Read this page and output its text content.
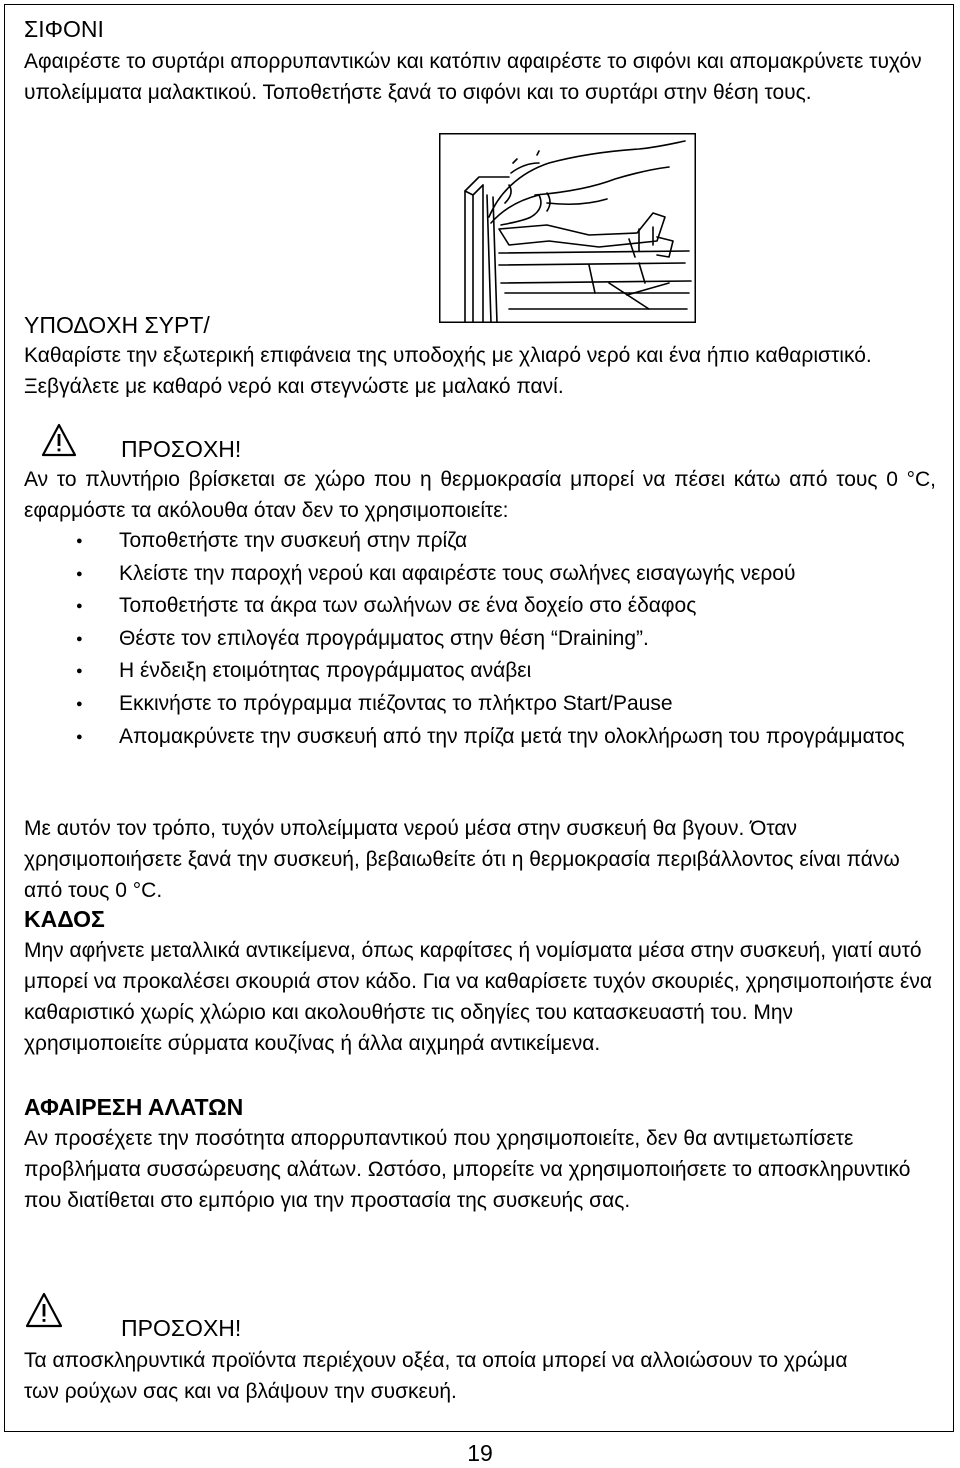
ΣΙΦΟΝΙ
Αφαιρέστε το συρτάρι απορρυπαντικών και κατόπιν αφαιρέστε το σιφόνι και απομακρύνετε τυχόν υπολείμματα μαλακτικού. Τοποθετήστε ξανά το σιφόνι και το συρτάρι στην θέση τους.
ΥΠΟΔΟΧΗ ΣΥΡΤ/
Καθαρίστε την εξωτερική επιφάνεια της υποδοχής με χλιαρό νερό και ένα ήπιο καθαριστικό. Ξεβγάλετε με καθαρό νερό και στεγνώστε με μαλακό πανί.
ΠΡΟΣΟΧΗ!
Αν το πλυντήριο βρίσκεται σε χώρο που η θερμοκρασία μπορεί να πέσει κάτω από τους 0 °C, εφαρμόστε τα ακόλουθα όταν δεν το χρησιμοποιείτε:
● Τοποθετήστε την συσκευή στην πρίζα
● Κλείστε την παροχή νερού και αφαιρέστε τους σωλήνες εισαγωγής νερού
● Τοποθετήστε τα άκρα των σωλήνων σε ένα δοχείο στο έδαφος
● Θέστε τον επιλογέα προγράμματος στην θέση “Draining”.
● Η ένδειξη ετοιμότητας προγράμματος ανάβει
● Εκκινήστε το πρόγραμμα πιέζοντας το πλήκτρο Start/Pause
● Απομακρύνετε την συσκευή από την πρίζα μετά την ολοκλήρωση του προγράμματος
Με αυτόν τον τρόπο, τυχόν υπολείμματα νερού μέσα στην συσκευή θα βγουν. Όταν χρησιμοποιήσετε ξανά την συσκευή, βεβαιωθείτε ότι η θερμοκρασία περιβάλλοντος είναι πάνω από τους 0 °C.
ΚΑΔΟΣ
Μην αφήνετε μεταλλικά αντικείμενα, όπως καρφίτσες ή νομίσματα μέσα στην συσκευή, γιατί αυτό μπορεί να προκαλέσει σκουριά στον κάδο. Για να καθαρίσετε τυχόν σκουριές, χρησιμοποιήστε ένα καθαριστικό χωρίς χλώριο και ακολουθήστε τις οδηγίες του κατασκευαστή του. Μην χρησιμοποιείτε σύρματα κουζίνας ή άλλα αιχμηρά αντικείμενα.
ΑΦΑΙΡΕΣΗ ΑΛΑΤΩΝ
Αν προσέχετε την ποσότητα απορρυπαντικού που χρησιμοποιείτε, δεν θα αντιμετωπίσετε προβλήματα συσσώρευσης αλάτων. Ωστόσο, μπορείτε να χρησιμοποιήσετε το αποσκληρυντικό που διατίθεται στο εμπόριο για την προστασία της συσκευής σας.
ΠΡΟΣΟΧΗ!
Τα αποσκληρυντικά προϊόντα περιέχουν οξέα, τα οποία μπορεί να αλλοιώσουν το χρώμα των ρούχων σας και να βλάψουν την συσκευή.
19
